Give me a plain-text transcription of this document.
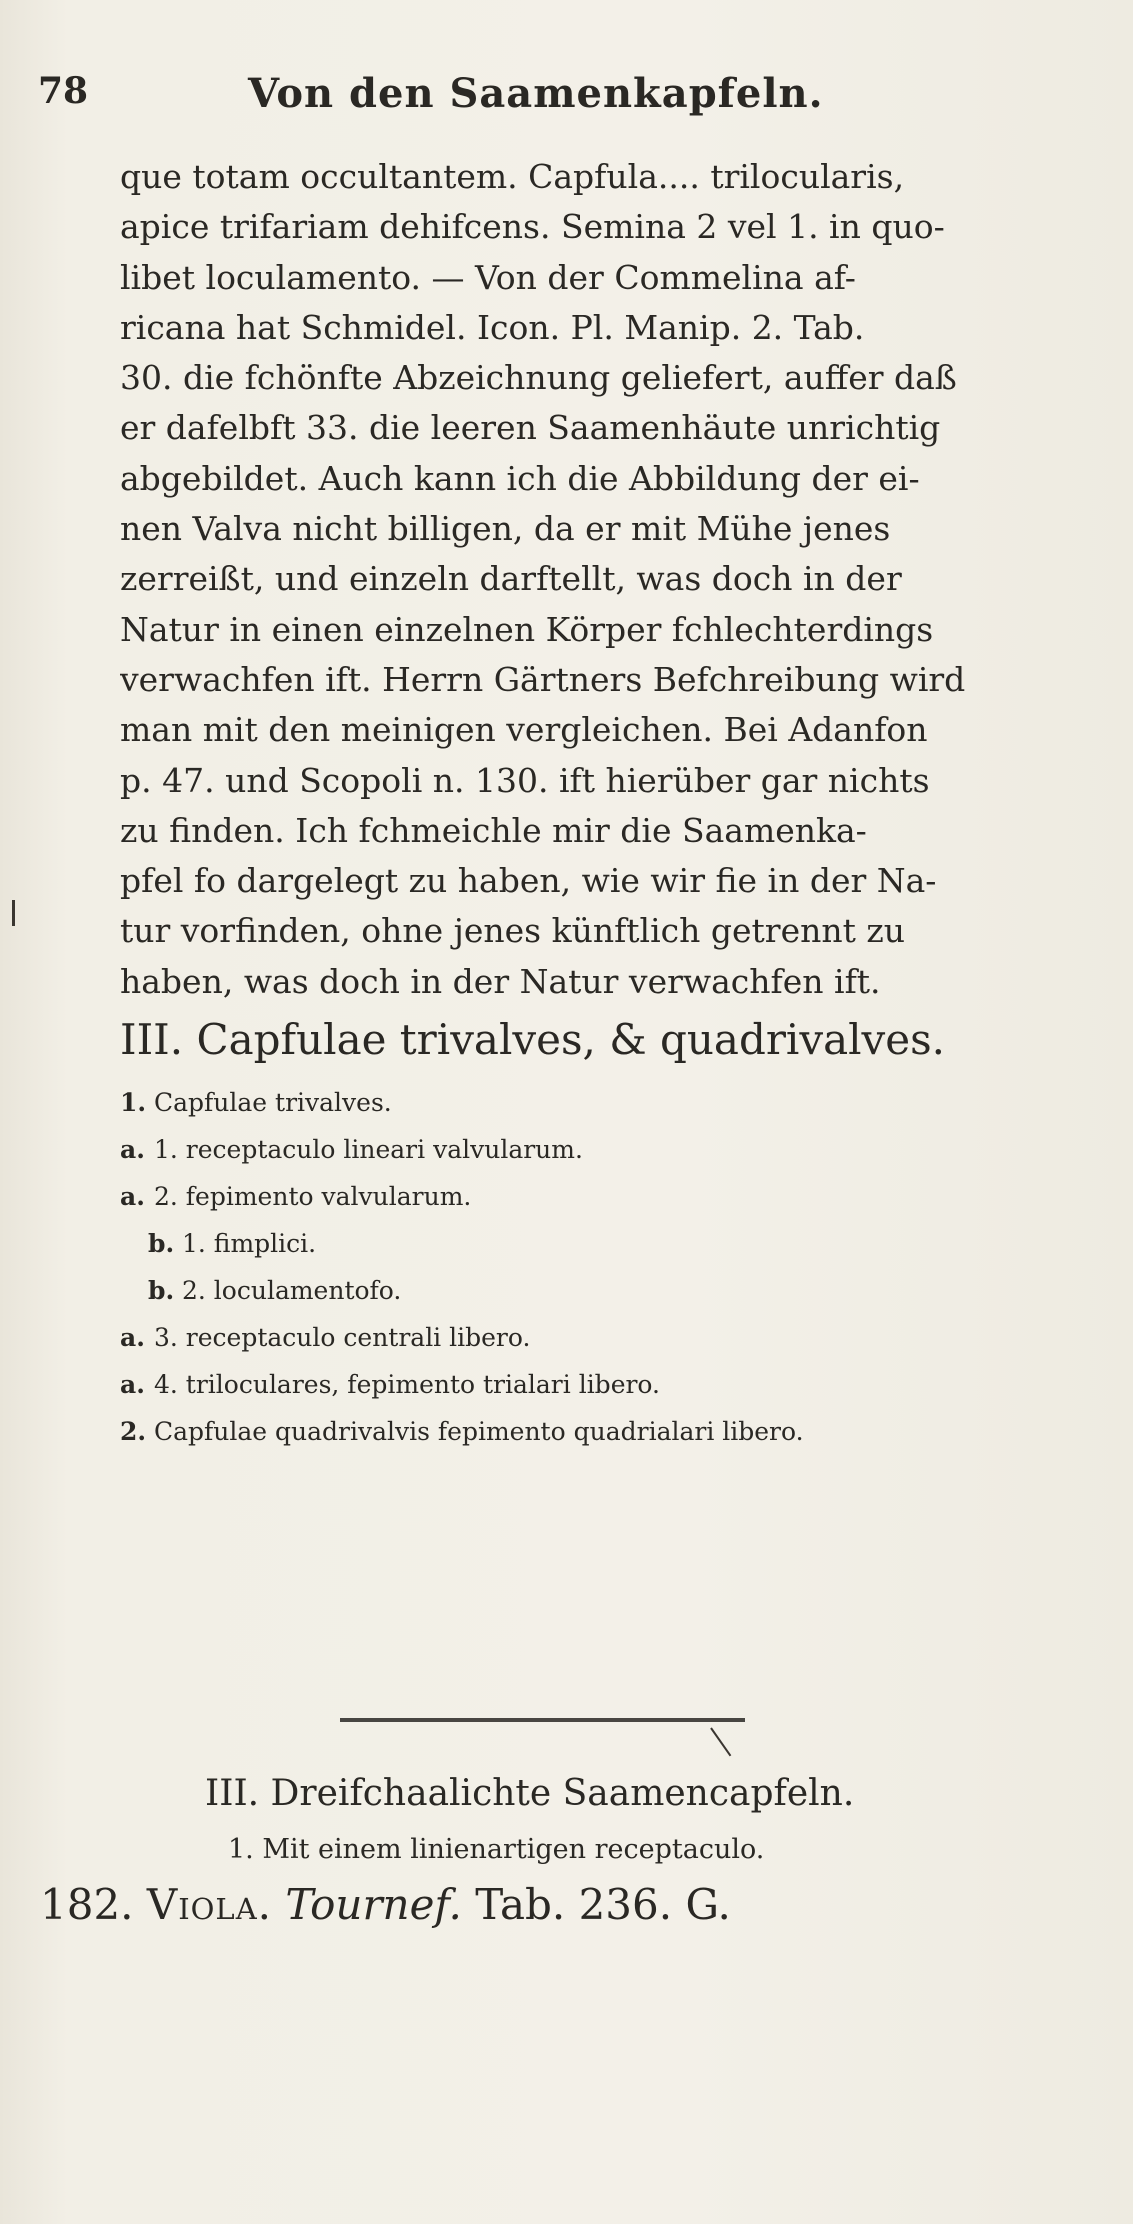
78	Von den Saamenkapfeln.
que totam occultantem. Capfula.... trilocularis,
apice trifariam dehifcens. Semina 2 vel 1. in quo-
libet loculamento. — Von der Commelina af-
ricana hat Schmidel. Icon. Pl. Manip. 2. Tab.
30. die fchönfte Abzeichnung geliefert, auffer daß
er dafelbft 33. die leeren Saamenhäute unrichtig
abgebildet. Auch kann ich die Abbildung der ei-
nen Valva nicht billigen, da er mit Mühe jenes
zerreißt, und einzeln darftellt, was doch in der
Natur in einen einzelnen Körper fchlechterdings
verwachfen ift. Herrn Gärtners Befchreibung wird
man mit den meinigen vergleichen. Bei Adanfon
p. 47. und Scopoli n. 130. ift hierüber gar nichts
zu finden. Ich fchmeichle mir die Saamenka-
pfel fo dargelegt zu haben, wie wir fie in der Na-
tur vorfinden, ohne jenes künftlich getrennt zu
haben, was doch in der Natur verwachfen ift.
III. Capfulae trivalves, & quadrivalves.
1. Capfulae trivalves.
a. 1. receptaculo lineari valvularum.
a. 2. fepimento valvularum.
b. 1. fimplici.
b. 2. loculamentofo.
a. 3. receptaculo centrali libero.
a. 4. triloculares, fepimento trialari libero.
2. Capfulae quadrivalvis fepimento quadrialari libero.
III. Dreifchaalichte Saamencapfeln.
1. Mit einem linienartigen receptaculo.
182. Viola. Tournef. Tab. 236. G.
